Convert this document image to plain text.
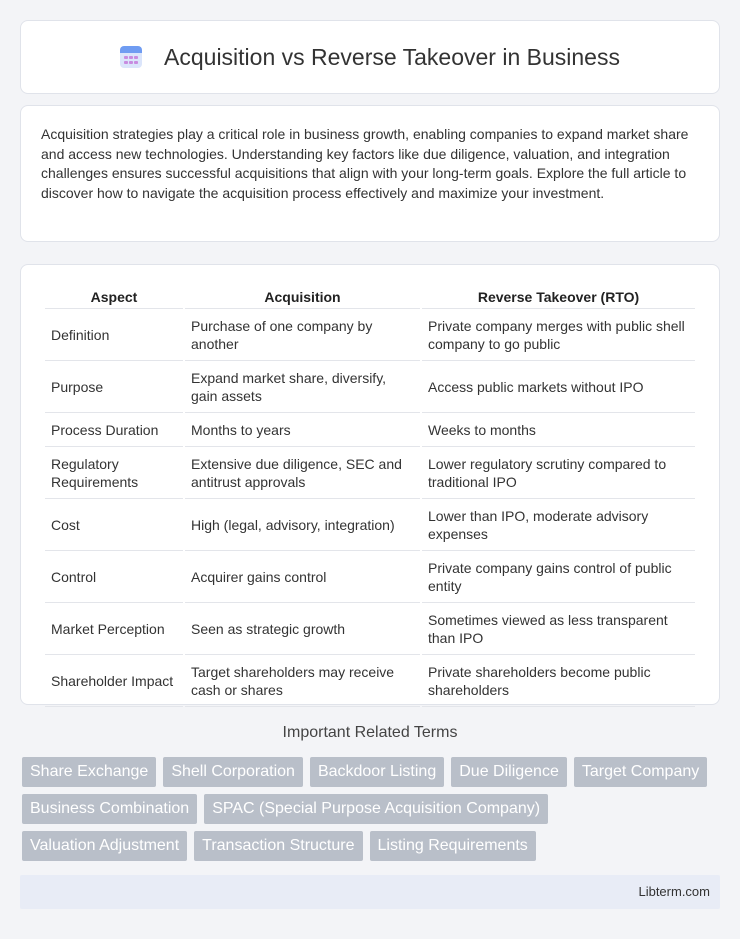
Acquisition vs Reverse Takeover in Business

Acquisition strategies play a critical role in business growth, enabling companies to expand market share and access new technologies. Understanding key factors like due diligence, valuation, and integration challenges ensures successful acquisitions that align with your long-term goals. Explore the full article to discover how to navigate the acquisition process effectively and maximize your investment.

Aspect	Acquisition	Reverse Takeover (RTO)
Definition	Purchase of one company by another	Private company merges with public shell company to go public
Purpose	Expand market share, diversify, gain assets	Access public markets without IPO
Process Duration	Months to years	Weeks to months
Regulatory Requirements	Extensive due diligence, SEC and antitrust approvals	Lower regulatory scrutiny compared to traditional IPO
Cost	High (legal, advisory, integration)	Lower than IPO, moderate advisory expenses
Control	Acquirer gains control	Private company gains control of public entity
Market Perception	Seen as strategic growth	Sometimes viewed as less transparent than IPO
Shareholder Impact	Target shareholders may receive cash or shares	Private shareholders become public shareholders
Important Related Terms
Share Exchange	Shell Corporation	Backdoor Listing	Due Diligence	Target Company
Business Combination	SPAC (Special Purpose Acquisition Company)
Valuation Adjustment	Transaction Structure	Listing Requirements
Libterm.com
